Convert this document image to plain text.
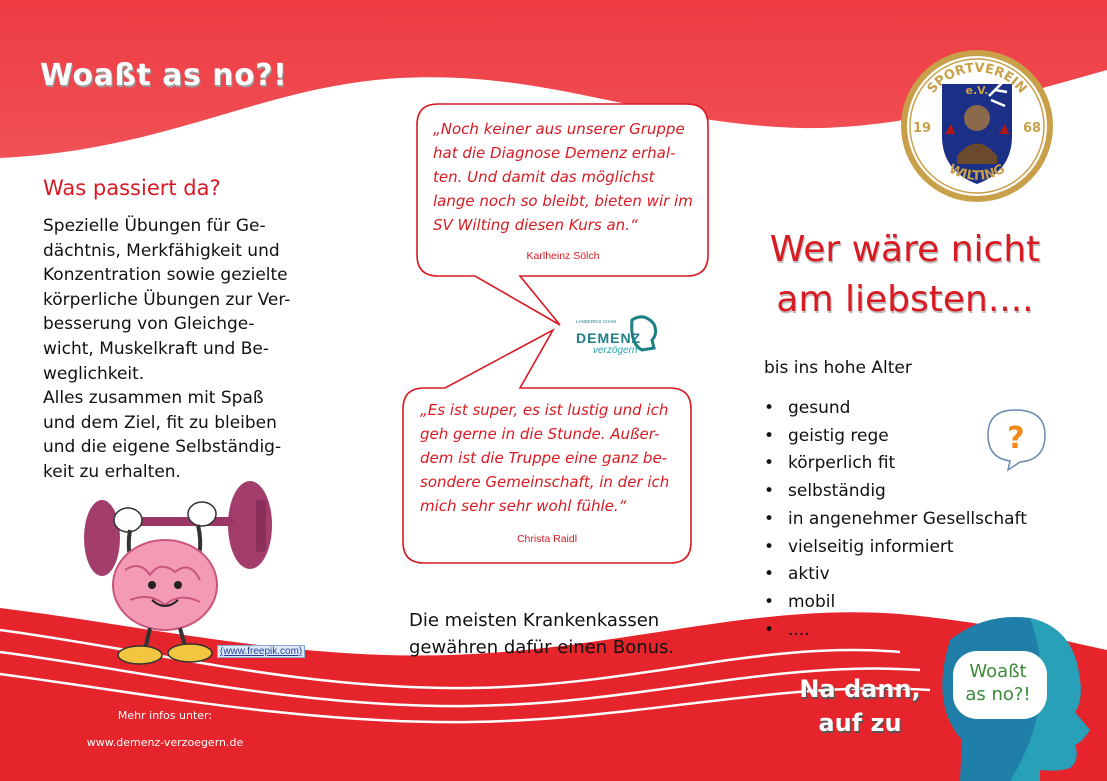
?
Woaßt as no?!
Was passiert da?

Spezielle Übungen für Ge-

dächtnis, Merkfähigkeit und

Konzentration sowie gezielte

körperliche Übungen zur Ver-

besserung von Gleichge-

wicht, Muskelkraft und Be-

weglichkeit.

Alles zusammen mit Spaß

und dem Ziel, fit zu bleiben

und die eigene Selbständig-

keit zu erhalten.

(www.freepik.com)
„Noch keiner aus unserer Gruppe
hat die Diagnose Demenz erhal-
ten. Und damit das möglichst
lange noch so bleibt, bieten wir im
SV Wilting diesen Kurs an.“
Karlheinz Sölch
LANDKREIS CHAM
DEMENZ
verzögern
„Es ist super, es ist lustig und ich
geh gerne in die Stunde. Außer-
dem ist die Truppe eine ganz be-
sondere Gemeinschaft, in der ich
mich sehr sehr wohl fühle.“
Christa Raidl
Die meisten Krankenkassen
gewähren dafür einen Bonus.
SPORTVEREIN
WILTING
e.V.
19	68
Wer wäre nicht
am liebsten....
bis ins hohe Alter
• gesund
• geistig rege
• körperlich fit
• selbständig
• in angenehmer Gesellschaft
• vielseitig informiert
• aktiv
• mobil
• ....
Mehr infos unter:
www.demenz-verzoegern.de
Na dann,
auf zu
Woaßt
as no?!
